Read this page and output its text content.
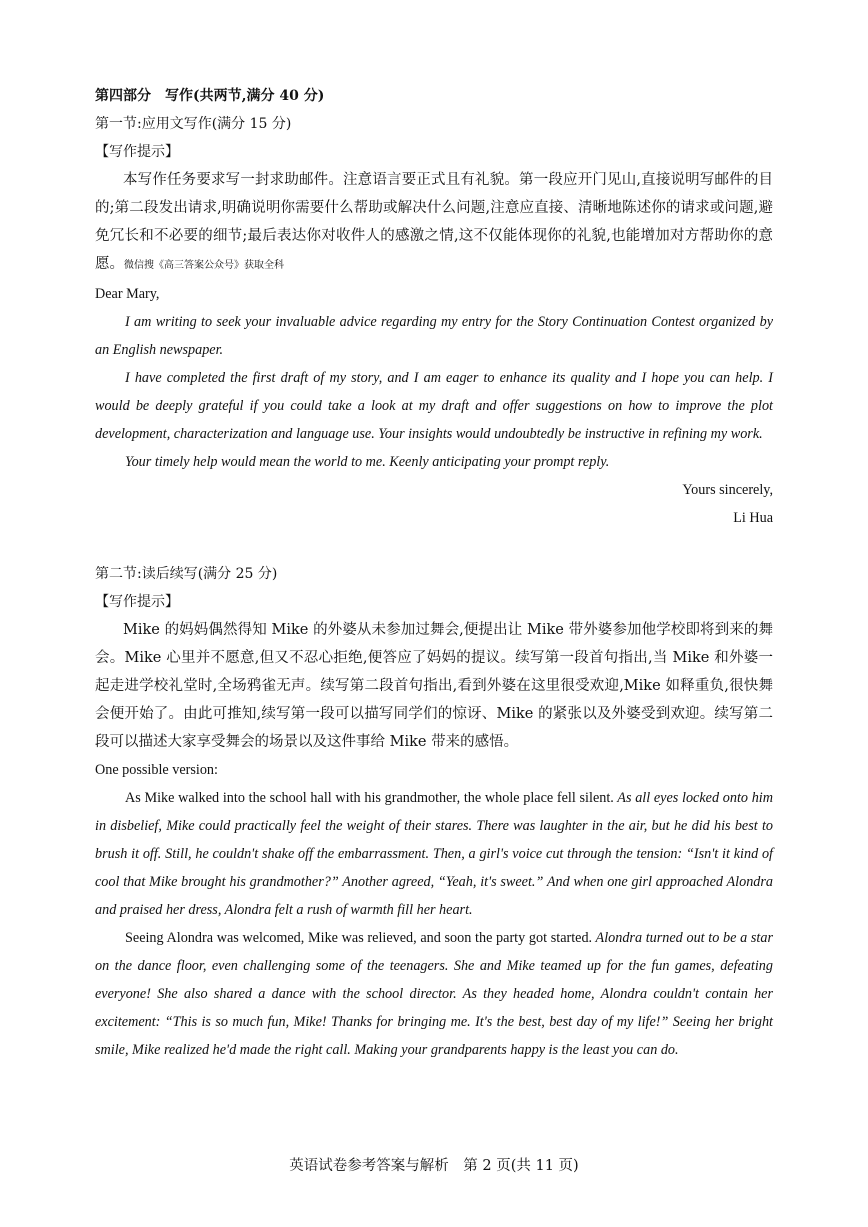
第四部分　写作(共两节,满分 40 分)

第一节:应用文写作(满分 15 分)

【写作提示】

本写作任务要求写一封求助邮件。注意语言要正式且有礼貌。第一段应开门见山,直接说明写邮件的目的;第二段发出请求,明确说明你需要什么帮助或解决什么问题,注意应直接、清晰地陈述你的请求或问题,避免冗长和不必要的细节;最后表达你对收件人的感激之情,这不仅能体现你的礼貌,也能增加对方帮助你的意愿。微信搜《高三答案公众号》获取全科

Dear Mary,

I am writing to seek your invaluable advice regarding my entry for the Story Continuation Contest organized by an English newspaper.

I have completed the first draft of my story, and I am eager to enhance its quality and I hope you can help. I would be deeply grateful if you could take a look at my draft and offer suggestions on how to improve the plot development, characterization and language use. Your insights would undoubtedly be instructive in refining my work.

Your timely help would mean the world to me. Keenly anticipating your prompt reply.

Yours sincerely,

Li Hua

第二节:读后续写(满分 25 分)

【写作提示】

Mike 的妈妈偶然得知 Mike 的外婆从未参加过舞会,便提出让 Mike 带外婆参加他学校即将到来的舞会。Mike 心里并不愿意,但又不忍心拒绝,便答应了妈妈的提议。续写第一段首句指出,当 Mike 和外婆一起走进学校礼堂时,全场鸦雀无声。续写第二段首句指出,看到外婆在这里很受欢迎,Mike 如释重负,很快舞会便开始了。由此可推知,续写第一段可以描写同学们的惊讶、Mike 的紧张以及外婆受到欢迎。续写第二段可以描述大家享受舞会的场景以及这件事给 Mike 带来的感悟。

One possible version:

As Mike walked into the school hall with his grandmother, the whole place fell silent. As all eyes locked onto him in disbelief, Mike could practically feel the weight of their stares. There was laughter in the air, but he did his best to brush it off. Still, he couldn't shake off the embarrassment. Then, a girl's voice cut through the tension: “Isn't it kind of cool that Mike brought his grandmother?” Another agreed, “Yeah, it's sweet.” And when one girl approached Alondra and praised her dress, Alondra felt a rush of warmth fill her heart.

Seeing Alondra was welcomed, Mike was relieved, and soon the party got started. Alondra turned out to be a star on the dance floor, even challenging some of the teenagers. She and Mike teamed up for the fun games, defeating everyone! She also shared a dance with the school director. As they headed home, Alondra couldn't contain her excitement: “This is so much fun, Mike! Thanks for bringing me. It's the best, best day of my life!” Seeing her bright smile, Mike realized he'd made the right call. Making your grandparents happy is the least you can do.

英语试卷参考答案与解析　第 2 页(共 11 页)
